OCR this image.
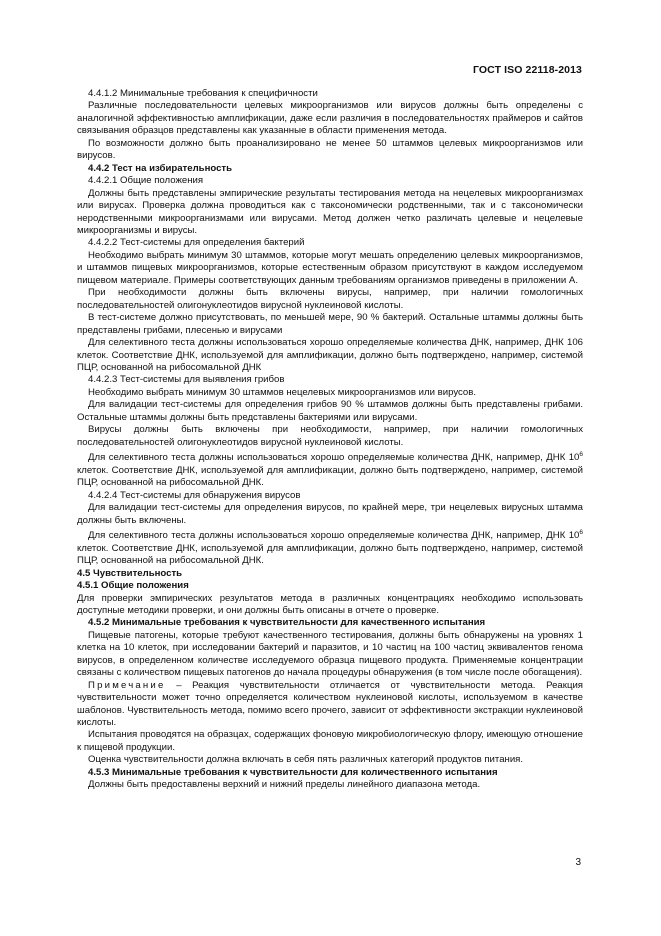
ГОСТ ISO 22118-2013

4.4.1.2 Минимальные требования к специфичности

Различные последовательности целевых микроорганизмов или вирусов должны быть определены с аналогичной эффективностью амплификации, даже если различия в последовательностях праймеров и сайтов связывания образцов представлены как указанные в области применения метода.

По возможности должно быть проанализировано не менее 50 штаммов целевых микроорганизмов или вирусов.

4.4.2 Тест на избирательность

4.4.2.1 Общие положения

Должны быть представлены эмпирические результаты тестирования метода на нецелевых микроорганизмах или вирусах. Проверка должна проводиться как с таксономически родственными, так и с таксономически неродственными микроорганизмами или вирусами. Метод должен четко различать целевые и нецелевые микроорганизмы и вирусы.

4.4.2.2 Тест-системы для определения бактерий

Необходимо выбрать минимум 30 штаммов, которые могут мешать определению целевых микроорганизмов, и штаммов пищевых микроорганизмов, которые естественным образом присутствуют в каждом исследуемом пищевом материале. Примеры соответствующих данным требованиям организмов приведены в приложении А.

При необходимости должны быть включены вирусы, например, при наличии гомологичных последовательностей олигонуклеотидов вирусной нуклеиновой кислоты.

В тест-системе должно присутствовать, по меньшей мере, 90 % бактерий. Остальные штаммы должны быть представлены грибами, плесенью и вирусами

Для селективного теста должны использоваться хорошо определяемые количества ДНК, например, ДНК 106 клеток. Соответствие ДНК, используемой для амплификации, должно быть подтверждено, например, системой ПЦР, основанной на рибосомальной ДНК

4.4.2.3 Тест-системы для выявления грибов

Необходимо выбрать минимум 30 штаммов нецелевых микроорганизмов или вирусов.

Для валидации тест-системы для определения грибов 90 % штаммов должны быть представлены грибами. Остальные штаммы должны быть представлены бактериями или вирусами.

Вирусы должны быть включены при необходимости, например, при наличии гомологичных последовательностей олигонуклеотидов вирусной нуклеиновой кислоты.

Для селективного теста должны использоваться хорошо определяемые количества ДНК, например, ДНК $10^6$ клеток. Соответствие ДНК, используемой для амплификации, должно быть подтверждено, например, системой ПЦР, основанной на рибосомальной ДНК.

4.4.2.4 Тест-системы для обнаружения вирусов

Для валидации тест-системы для определения вирусов, по крайней мере, три нецелевых вирусных штамма должны быть включены.

Для селективного теста должны использоваться хорошо определяемые количества ДНК, например, ДНК $10^6$ клеток. Соответствие ДНК, используемой для амплификации, должно быть подтверждено, например, системой ПЦР, основанной на рибосомальной ДНК.

4.5 Чувствительность

4.5.1 Общие положения

Для проверки эмпирических результатов метода в различных концентрациях необходимо использовать доступные методики проверки, и они должны быть описаны в отчете о проверке.

4.5.2 Минимальные требования к чувствительности для качественного испытания

Пищевые патогены, которые требуют качественного тестирования, должны быть обнаружены на уровнях 1 клетка на 10 клеток, при исследовании бактерий и паразитов, и 10 частиц на 100 частиц эквивалентов генома вирусов, в определенном количестве исследуемого образца пищевого продукта. Применяемые концентрации связаны с количеством пищевых патогенов до начала процедуры обнаружения (в том числе после обогащения).

Примечание – Реакция чувствительности отличается от чувствительности метода. Реакция чувствительности может точно определяется количеством нуклеиновой кислоты, используемом в качестве шаблонов. Чувствительность метода, помимо всего прочего, зависит от эффективности экстракции нуклеиновой кислоты.

Испытания проводятся на образцах, содержащих фоновую микробиологическую флору, имеющую отношение к пищевой продукции.

Оценка чувствительности должна включать в себя пять различных категорий продуктов питания.

4.5.3 Минимальные требования к чувствительности для количественного испытания

Должны быть предоставлены верхний и нижний пределы линейного диапазона метода.

3
